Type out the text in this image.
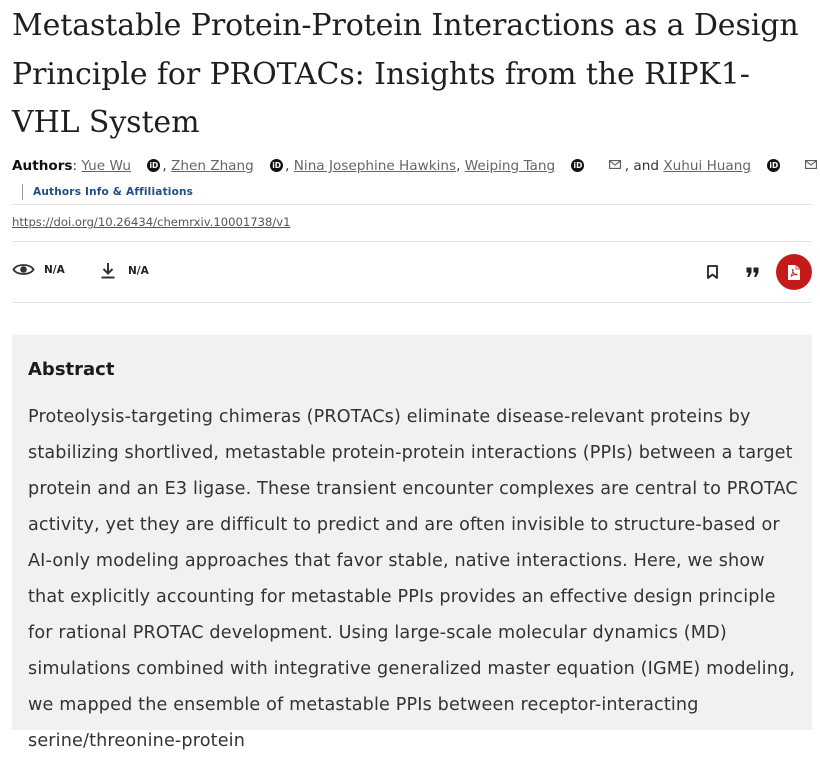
Metastable Protein-Protein Interactions as a Design Principle for PROTACs: Insights from the RIPK1-VHL System
Authors: Yue Wu iD , Zhen Zhang iD , Nina Josephine Hawkins, Weiping Tang iD	, and Xuhui Huang iD
Authors Info & Affiliations
https://doi.org/10.26434/chemrxiv.10001738/v1
N/A	N/A
Abstract
Proteolysis-targeting chimeras (PROTACs) eliminate disease-relevant proteins by stabilizing shortlived, metastable protein-protein interactions (PPIs) between a target protein and an E3 ligase. These transient encounter complexes are central to PROTAC activity, yet they are difficult to predict and are often invisible to structure-based or AI-only modeling approaches that favor stable, native interactions. Here, we show that explicitly accounting for metastable PPIs provides an effective design principle for rational PROTAC development. Using large-scale molecular dynamics (MD) simulations combined with integrative generalized master equation (IGME) modeling, we mapped the ensemble of metastable PPIs between receptor-interacting serine/threonine-protein
